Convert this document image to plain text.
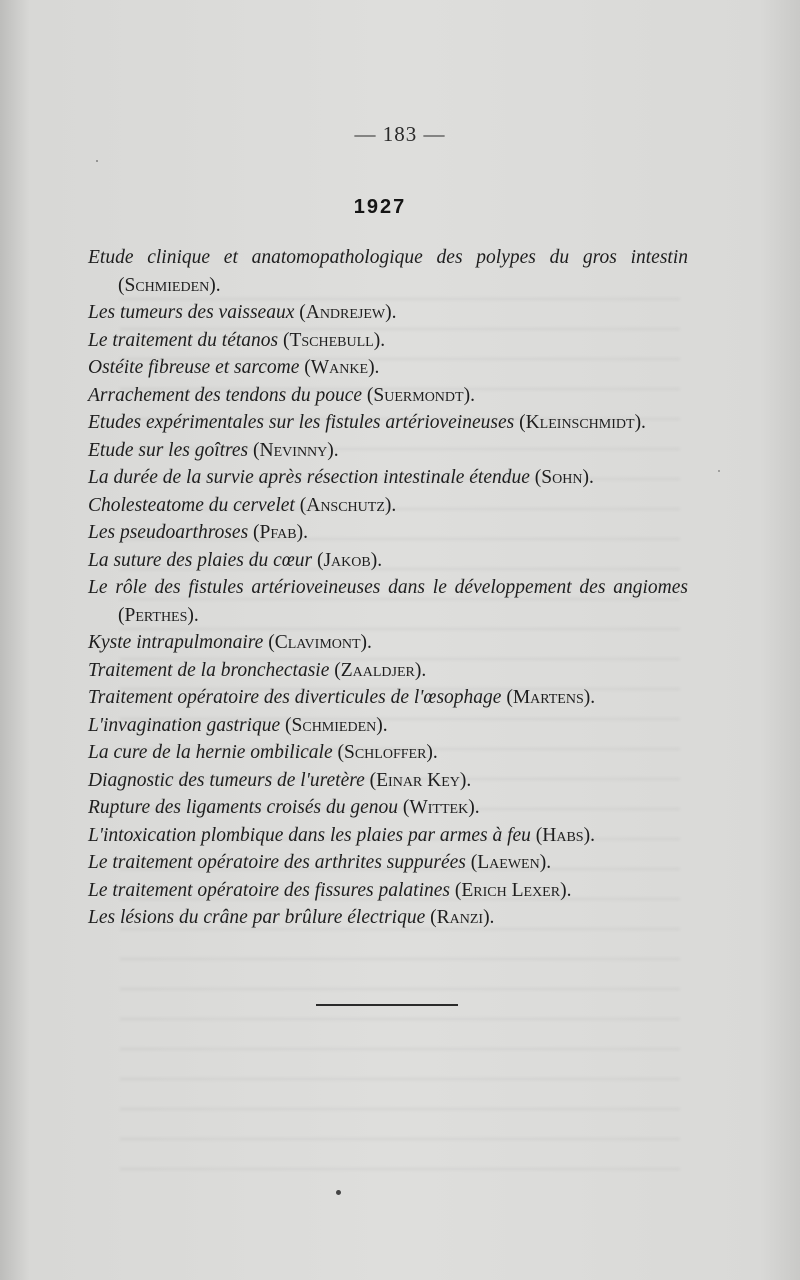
— 183 —
1927
Etude clinique et anatomopathologique des polypes du gros intestin (Schmieden).
Les tumeurs des vaisseaux (Andrejew).
Le traitement du tétanos (Tschebull).
Ostéite fibreuse et sarcome (Wanke).
Arrachement des tendons du pouce (Suermondt).
Etudes expérimentales sur les fistules artérioveineuses (Kleinschmidt).
Etude sur les goîtres (Nevinny).
La durée de la survie après résection intestinale étendue (Sohn).
Cholesteatome du cervelet (Anschutz).
Les pseudoarthroses (Pfab).
La suture des plaies du cœur (Jakob).
Le rôle des fistules artérioveineuses dans le développement des angiomes (Perthes).
Kyste intrapulmonaire (Clavimont).
Traitement de la bronchectasie (Zaaldjer).
Traitement opératoire des diverticules de l'œsophage (Martens).
L'invagination gastrique (Schmieden).
La cure de la hernie ombilicale (Schloffer).
Diagnostic des tumeurs de l'uretère (Einar Key).
Rupture des ligaments croisés du genou (Wittek).
L'intoxication plombique dans les plaies par armes à feu (Habs).
Le traitement opératoire des arthrites suppurées (Laewen).
Le traitement opératoire des fissures palatines (Erich Lexer).
Les lésions du crâne par brûlure électrique (Ranzi).
